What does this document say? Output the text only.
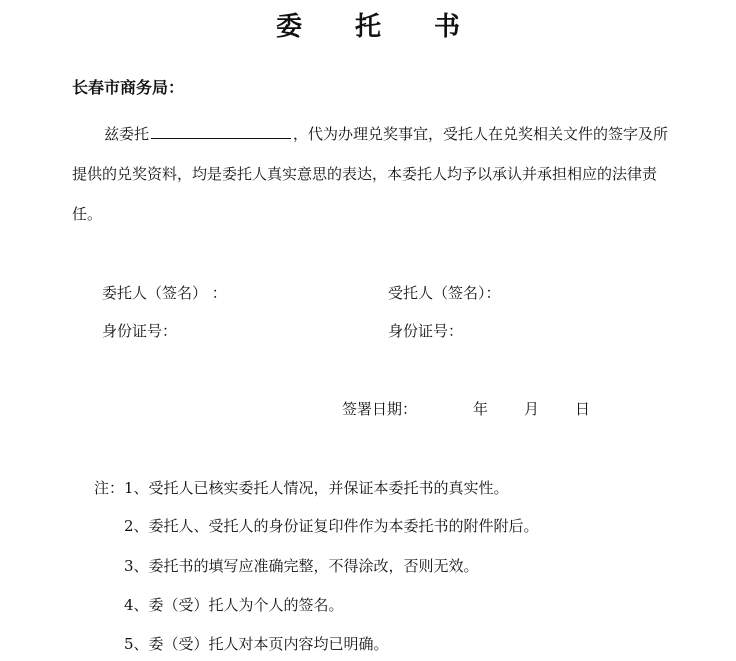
委 托 书
长春市商务局：
兹委托	，代为办理兑奖事宜，受托人在兑奖相关文件的签字及所
提供的兑奖资料，均是委托人真实意思的表达，本委托人均予以承认并承担相应的法律责
任。
委托人（签名） ：	受托人（签名）：
身份证号：	身份证号：
签署日期：	年 月 日
注：1、受托人已核实委托人情况，并保证本委托书的真实性。
2、委托人、受托人的身份证复印件作为本委托书的附件附后。
3、委托书的填写应准确完整，不得涂改，否则无效。
4、委（受）托人为个人的签名。
5、委（受）托人对本页内容均已明确。
